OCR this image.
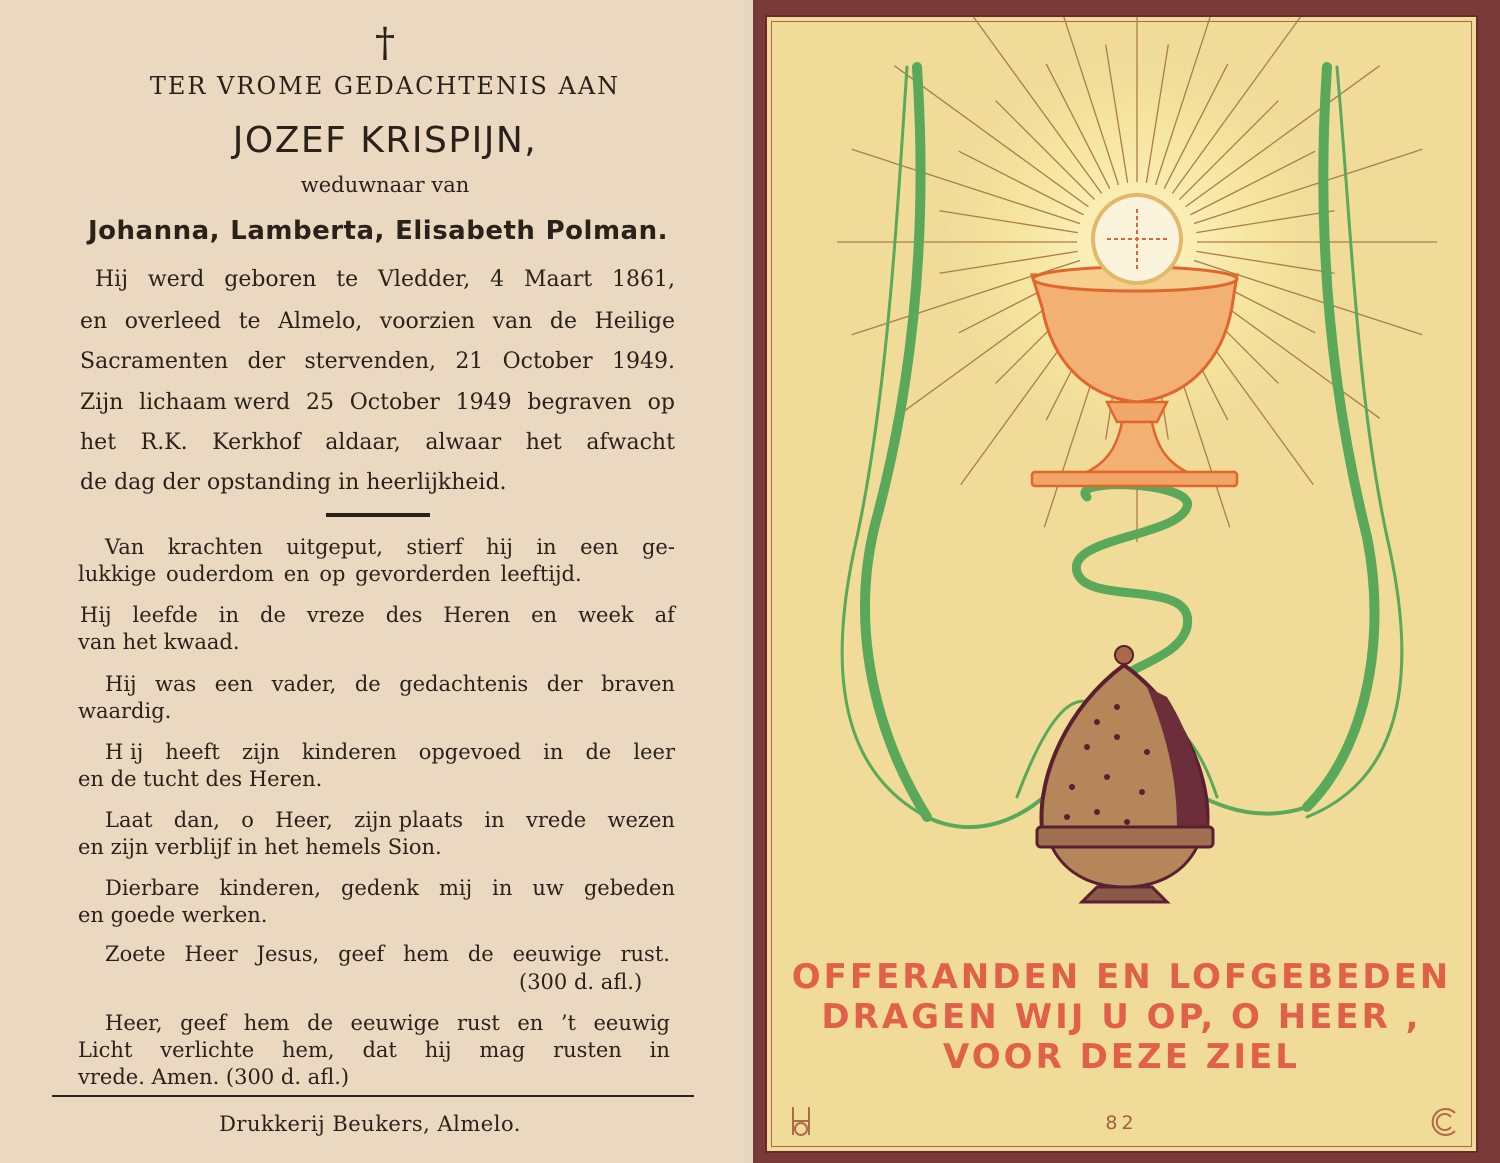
†
TER VROME GEDACHTENIS AAN
JOZEF KRISPIJN,
weduwnaar van
Johanna, Lamberta, Elisabeth Polman.
Hij werd geboren te Vledder, 4 Maart 1861,
en overleed te Almelo, voorzien van de Heilige
Sacramenten der stervenden, 21 October 1949.
Zijn lichaam werd 25 October 1949 begraven op
het R.K. Kerkhof aldaar, alwaar het afwacht
de dag der opstanding in heerlijkheid.
Van krachten uitgeput, stierf hij in een ge-
lukkige ouderdom en op gevorderden leeftijd.
Hij leefde in de vreze des Heren en week af
van het kwaad.
Hij was een vader, de gedachtenis der braven
waardig.
H ij heeft zijn kinderen opgevoed in de leer
en de tucht des Heren.
Laat dan, o Heer, zijn plaats in vrede wezen
en zijn verblijf in het hemels Sion.
Dierbare kinderen, gedenk mij in uw gebeden
en goede werken.
Zoete Heer Jesus, geef hem de eeuwige rust.
(300 d. afl.)
Heer, geef hem de eeuwige rust en ’t eeuwig
Licht verlichte hem, dat hij mag rusten in
vrede. Amen. (300 d. afl.)
Drukkerij Beukers, Almelo.
OFFERANDEN EN LOFGEBEDEN
DRAGEN WIJ U OP, O HEER ,
VOOR DEZE ZIEL
82
